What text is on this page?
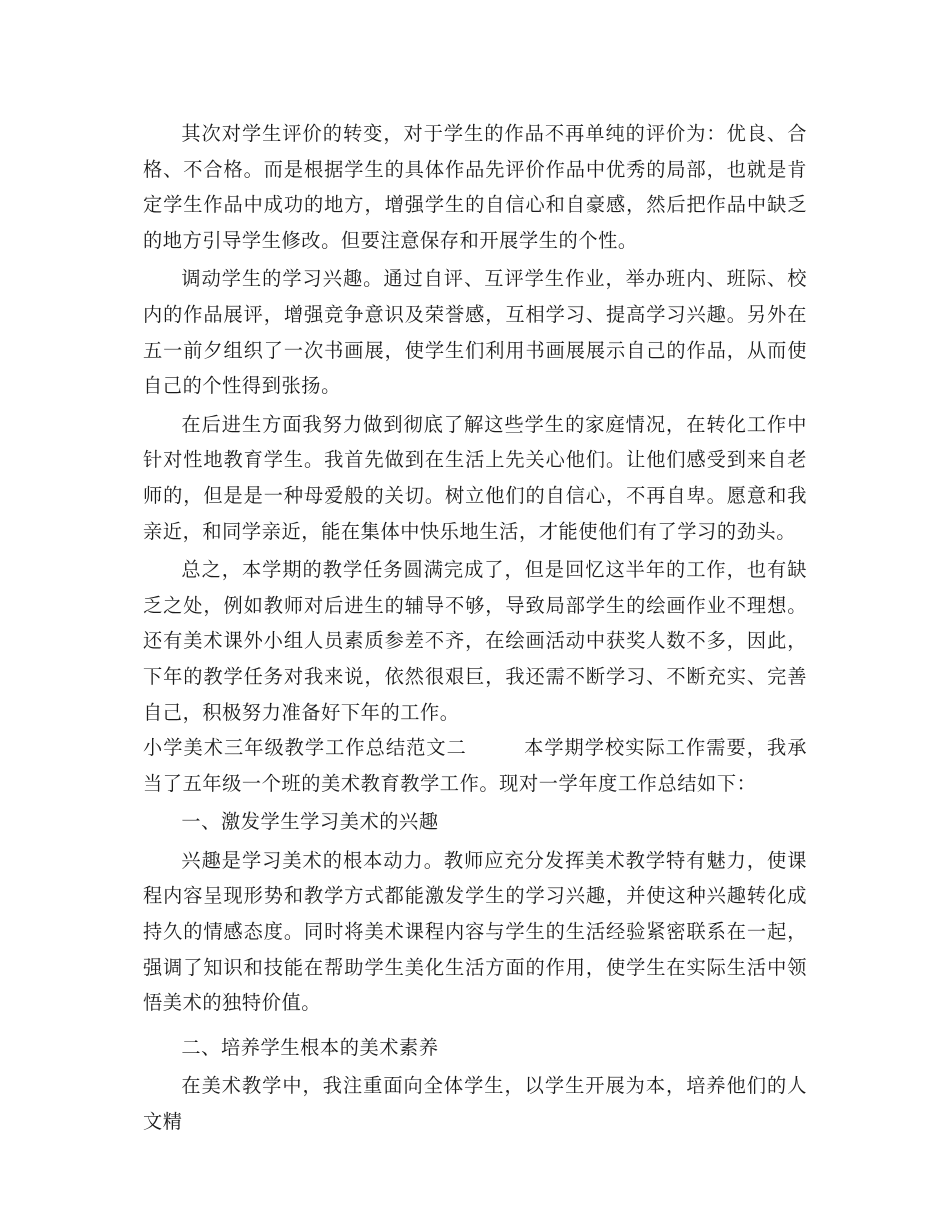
其次对学生评价的转变，对于学生的作品不再单纯的评价为：优良、合格、不合格。而是根据学生的具体作品先评价作品中优秀的局部，也就是肯定学生作品中成功的地方，增强学生的自信心和自豪感，然后把作品中缺乏的地方引导学生修改。但要注意保存和开展学生的个性。

调动学生的学习兴趣。通过自评、互评学生作业，举办班内、班际、校内的作品展评，增强竞争意识及荣誉感，互相学习、提高学习兴趣。另外在五一前夕组织了一次书画展，使学生们利用书画展展示自己的作品，从而使自己的个性得到张扬。

在后进生方面我努力做到彻底了解这些学生的家庭情况，在转化工作中针对性地教育学生。我首先做到在生活上先关心他们。让他们感受到来自老师的，但是是一种母爱般的关切。树立他们的自信心，不再自卑。愿意和我亲近，和同学亲近，能在集体中快乐地生活，才能使他们有了学习的劲头。

总之，本学期的教学任务圆满完成了，但是回忆这半年的工作，也有缺乏之处，例如教师对后进生的辅导不够，导致局部学生的绘画作业不理想。还有美术课外小组人员素质参差不齐，在绘画活动中获奖人数不多，因此，下年的教学任务对我来说，依然很艰巨，我还需不断学习、不断充实、完善自己，积极努力准备好下年的工作。

小学美术三年级教学工作总结范文二	本学期学校实际工作需要，我承当了五年级一个班的美术教育教学工作。现对一学年度工作总结如下：

一、激发学生学习美术的兴趣

兴趣是学习美术的根本动力。教师应充分发挥美术教学特有魅力，使课程内容呈现形势和教学方式都能激发学生的学习兴趣，并使这种兴趣转化成持久的情感态度。同时将美术课程内容与学生的生活经验紧密联系在一起，强调了知识和技能在帮助学生美化生活方面的作用，使学生在实际生活中领悟美术的独特价值。

二、培养学生根本的美术素养

在美术教学中，我注重面向全体学生，以学生开展为本，培养他们的人文精
